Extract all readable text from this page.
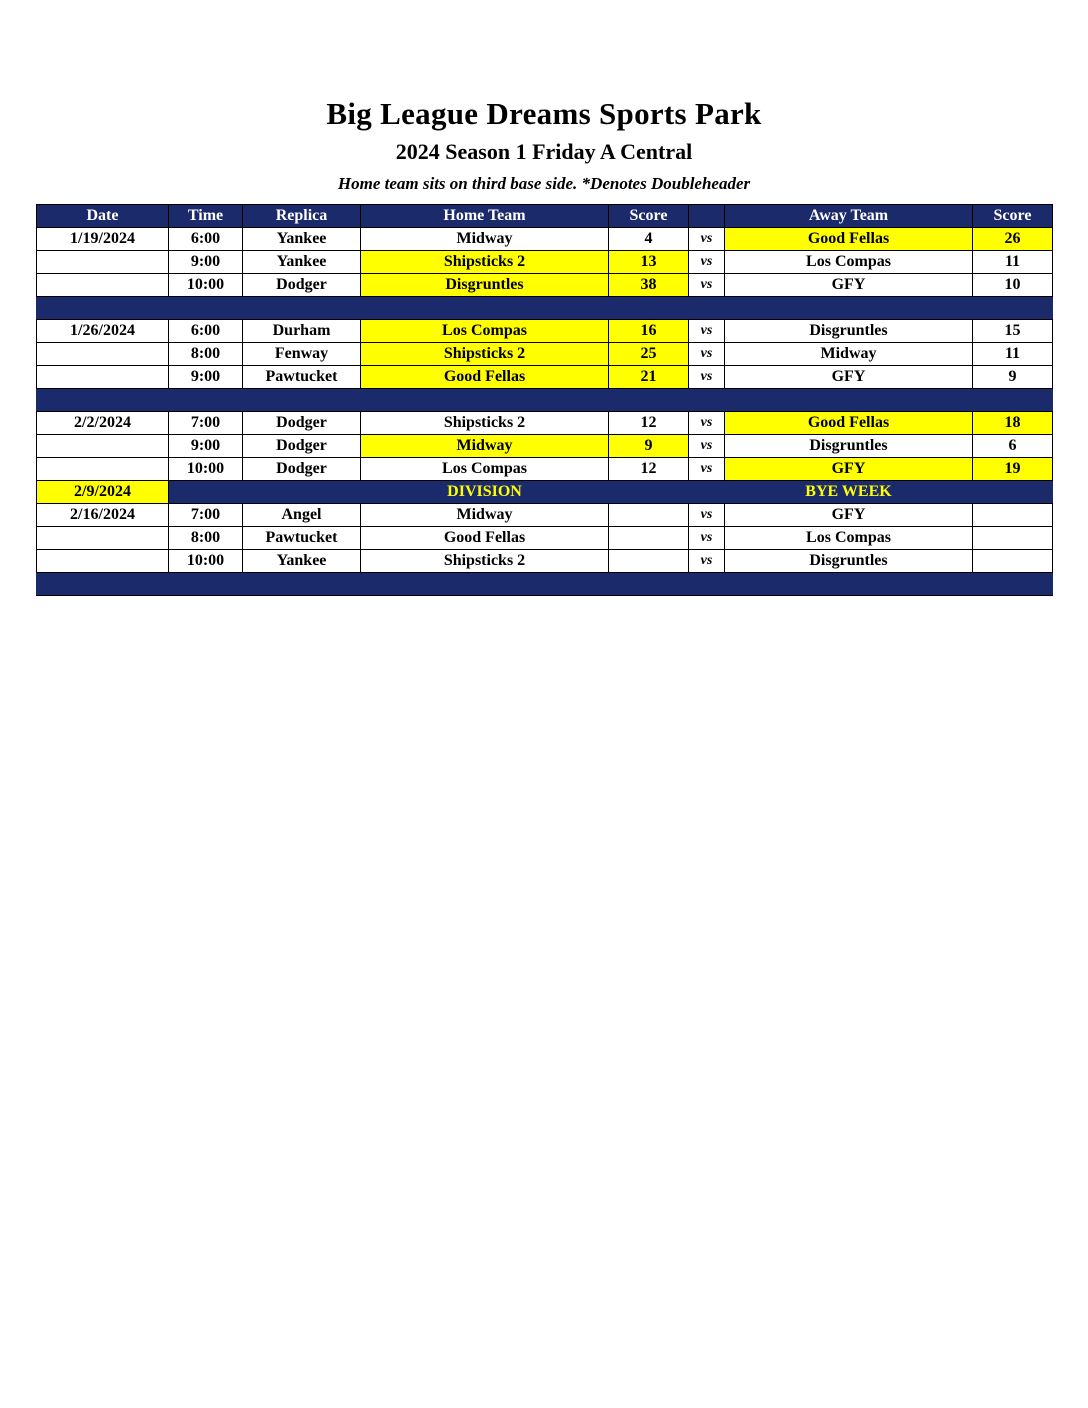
Big League Dreams Sports Park
2024 Season 1 Friday A Central

Home team sits on third base side. *Denotes Doubleheader

Date	Time	Replica	Home Team	Score		Away Team	Score
1/19/2024	6:00	Yankee	Midway	4	vs	Good Fellas	26
	9:00	Yankee	Shipsticks 2	13	vs	Los Compas	11
	10:00	Dodger	Disgruntles	38	vs	GFY	10

1/26/2024	6:00	Durham	Los Compas	16	vs	Disgruntles	15
	8:00	Fenway	Shipsticks 2	25	vs	Midway	11
	9:00	Pawtucket	Good Fellas	21	vs	GFY	9

2/2/2024	7:00	Dodger	Shipsticks 2	12	vs	Good Fellas	18
	9:00	Dodger	Midway	9	vs	Disgruntles	6
	10:00	Dodger	Los Compas	12	vs	GFY	19
2/9/2024			DIVISION			BYE WEEK	
2/16/2024	7:00	Angel	Midway		vs	GFY	
	8:00	Pawtucket	Good Fellas		vs	Los Compas	
	10:00	Yankee	Shipsticks 2		vs	Disgruntles	
